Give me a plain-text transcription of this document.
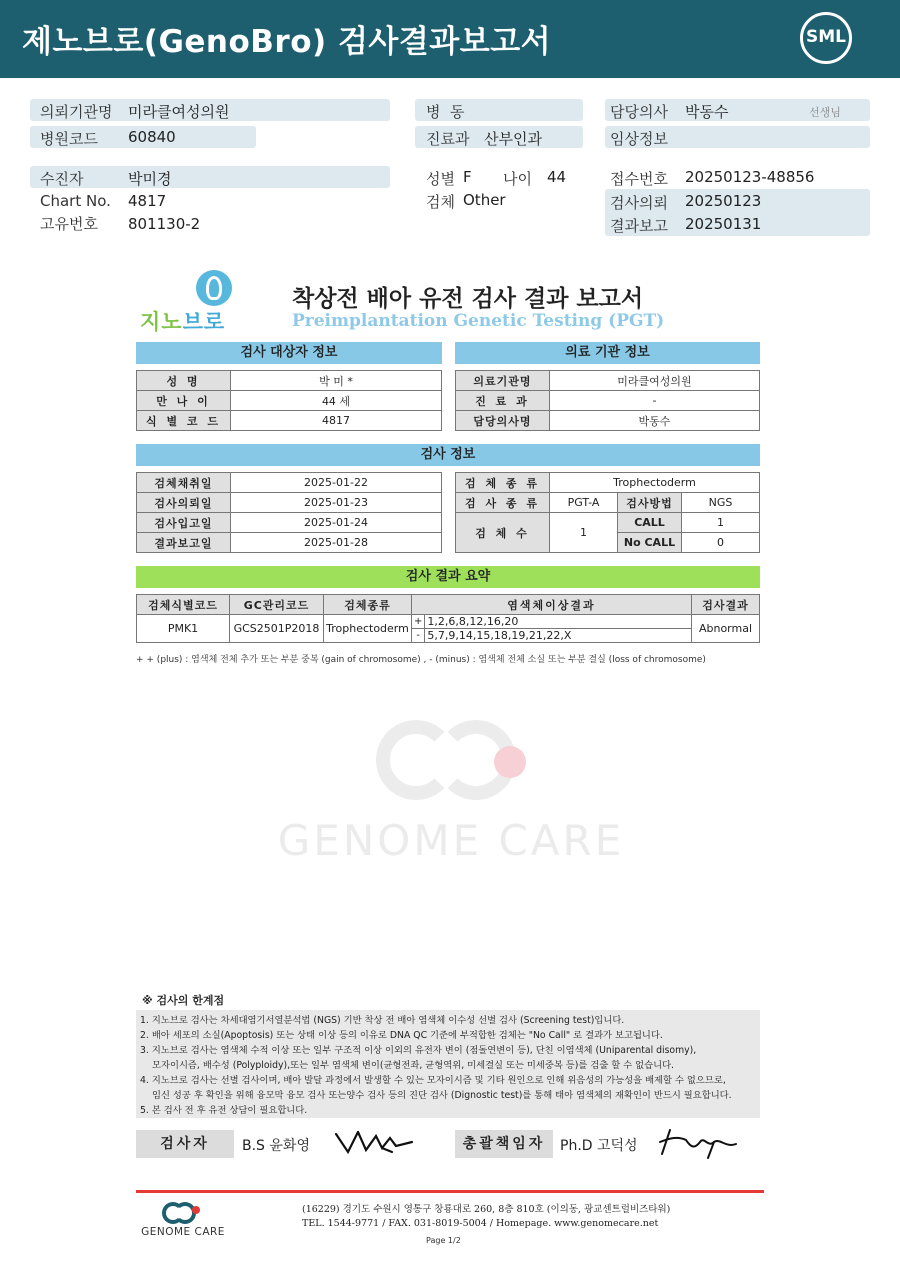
제노브로(GenoBro) 검사결과보고서	SML
의뢰기관명 미라클여성의원
병원코드 60840
병  동
진료과 산부인과
담당의사 박동수	선생님
임상정보
수진자	박미경
Chart No. 4817
고유번호 801130-2
성별 F 나이 44
검체 Other
접수번호 20250123-48856
검사의뢰 20250123
결과보고 20250131
지노브로
착상전 배아 유전 검사 결과 보고서
Preimplantation Genetic Testing (PGT)
검사 대상자 정보
성 명	박 미 *
만 나 이	44 세
식 별 코 드	4817
의료 기관 정보
의료기관명	미라클여성의원
진 료 과	-
담당의사명	박동수
검사 정보
검체채취일	2025-01-22
검사의뢰일	2025-01-23
검사입고일	2025-01-24
결과보고일	2025-01-28
검 체 종 류	Trophectoderm		
검 사 종 류	PGT-A	검사방법	NGS
검 체 수	1	CALL	1
		No CALL	0
검사 결과 요약
검체식별코드	GC관리코드	검체종류	염색체이상결과		검사결과
PMK1	GCS2501P2018	Trophectoderm	+	1,2,6,8,12,16,20	Abnormal
			-	5,7,9,14,15,18,19,21,22,X	
+ + (plus) : 염색체 전체 추가 또는 부분 중복 (gain of chromosome) , - (minus) : 염색체 전체 소실 또는 부분 결실 (loss of chromosome)
GENOME CARE
※ 검사의 한계점
1. 지노브로 검사는 차세대염기서열분석법 (NGS) 기반 착상 전 배아 염색체 이수성 선별 검사 (Screening test)입니다.
2. 배아 세포의 소실(Apoptosis) 또는 상태 이상 등의 이유로 DNA QC 기준에 부적합한 검체는 "No Call" 로 결과가 보고됩니다.
3. 지노브로 검사는 염색체 수적 이상 또는 일부 구조적 이상 이외의 유전자 변이 (점돌연변이 등), 단친 이염색체 (Uniparental disomy),
모자이시즘, 배수성 (Polyploidy),또는 일부 염색체 변이(균형전좌, 균형역위, 미세결실 또는 미세중복 등)를 검출 할 수 없습니다.
4. 지노브로 검사는 선별 검사이며, 배아 발달 과정에서 발생할 수 있는 모자이시즘 및 기타 원인으로 인해 위음성의 가능성을 배제할 수 없으므로,
임신 성공 후 확인을 위해 융모막 융모 검사 또는양수 검사 등의 진단 검사 (Dignostic test)를 통해 태아 염색체의 재확인이 반드시 필요합니다.
5. 본 검사 전 후 유전 상담이 필요합니다.
검사자	B.S 윤화영	총괄책임자	Ph.D 고덕성
GENOME CARE
(16229) 경기도 수원시 영통구 창룡대로 260, 8층 810호 (이의동, 광교센트럴비즈타워)
TEL. 1544-9771 / FAX. 031-8019-5004 / Homepage. www.genomecare.net
Page 1/2
